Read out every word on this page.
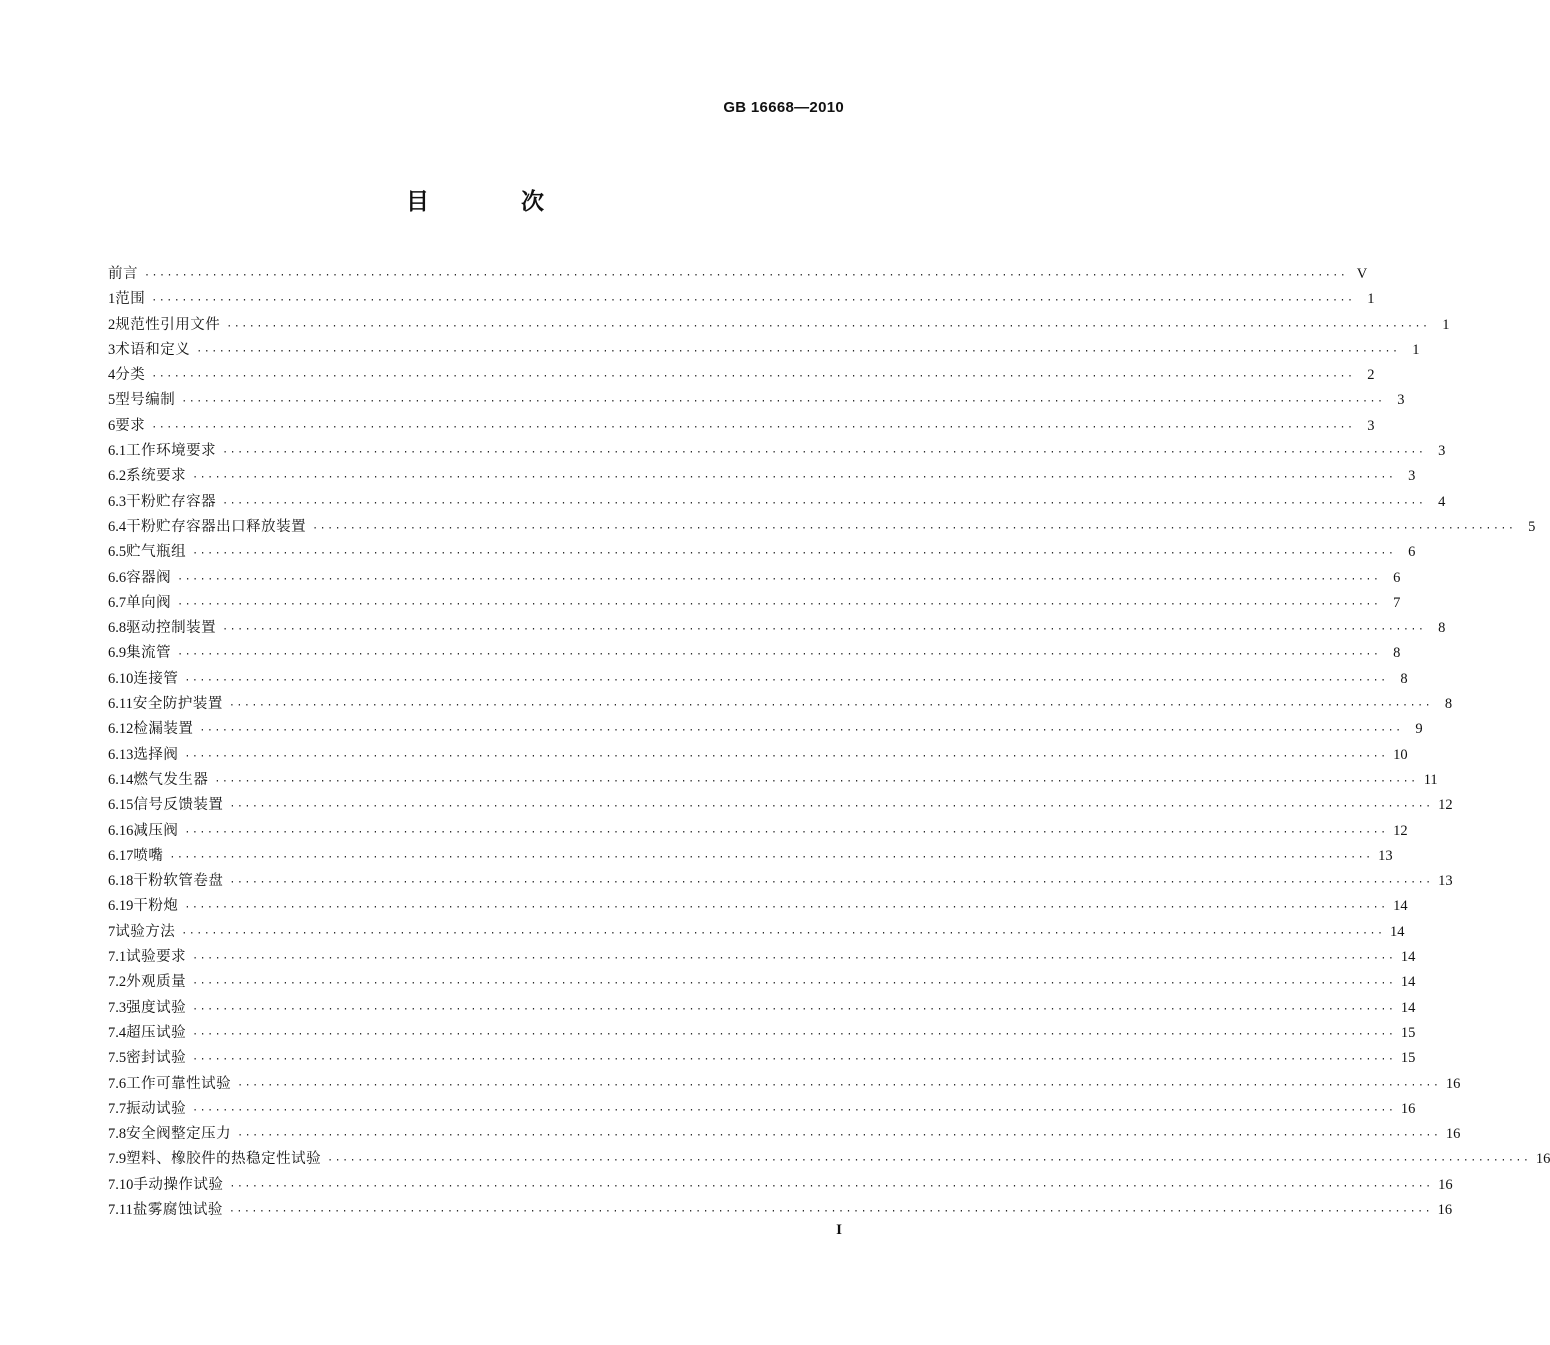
GB 16668—2010
目 次
前言 ································································································································································ V
1 范围 ································································································································································ 1
2 规范性引用文件 ································································································································································ 1
3 术语和定义 ································································································································································ 1
4 分类 ································································································································································ 2
5 型号编制 ································································································································································ 3
6 要求 ································································································································································ 3
6.1 工作环境要求 ································································································································································ 3
6.2 系统要求 ································································································································································ 3
6.3 干粉贮存容器 ································································································································································ 4
6.4 干粉贮存容器出口释放装置 ································································································································································ 5
6.5 贮气瓶组 ································································································································································ 6
6.6 容器阀 ································································································································································ 6
6.7 单向阀 ································································································································································ 7
6.8 驱动控制装置 ································································································································································ 8
6.9 集流管 ································································································································································ 8
6.10 连接管 ································································································································································ 8
6.11 安全防护装置 ································································································································································ 8
6.12 检漏装置 ································································································································································ 9
6.13 选择阀 ································································································································································ 10
6.14 燃气发生器 ································································································································································ 11
6.15 信号反馈装置 ································································································································································ 12
6.16 减压阀 ································································································································································ 12
6.17 喷嘴 ································································································································································ 13
6.18 干粉软管卷盘 ································································································································································ 13
6.19 干粉炮 ································································································································································ 14
7 试验方法 ································································································································································ 14
7.1 试验要求 ································································································································································ 14
7.2 外观质量 ································································································································································ 14
7.3 强度试验 ································································································································································ 14
7.4 超压试验 ································································································································································ 15
7.5 密封试验 ································································································································································ 15
7.6 工作可靠性试验 ································································································································································ 16
7.7 振动试验 ································································································································································ 16
7.8 安全阀整定压力 ································································································································································ 16
7.9 塑料、橡胶件的热稳定性试验 ································································································································································ 16
7.10 手动操作试验 ································································································································································ 16
7.11 盐雾腐蚀试验 ································································································································································ 16
I
